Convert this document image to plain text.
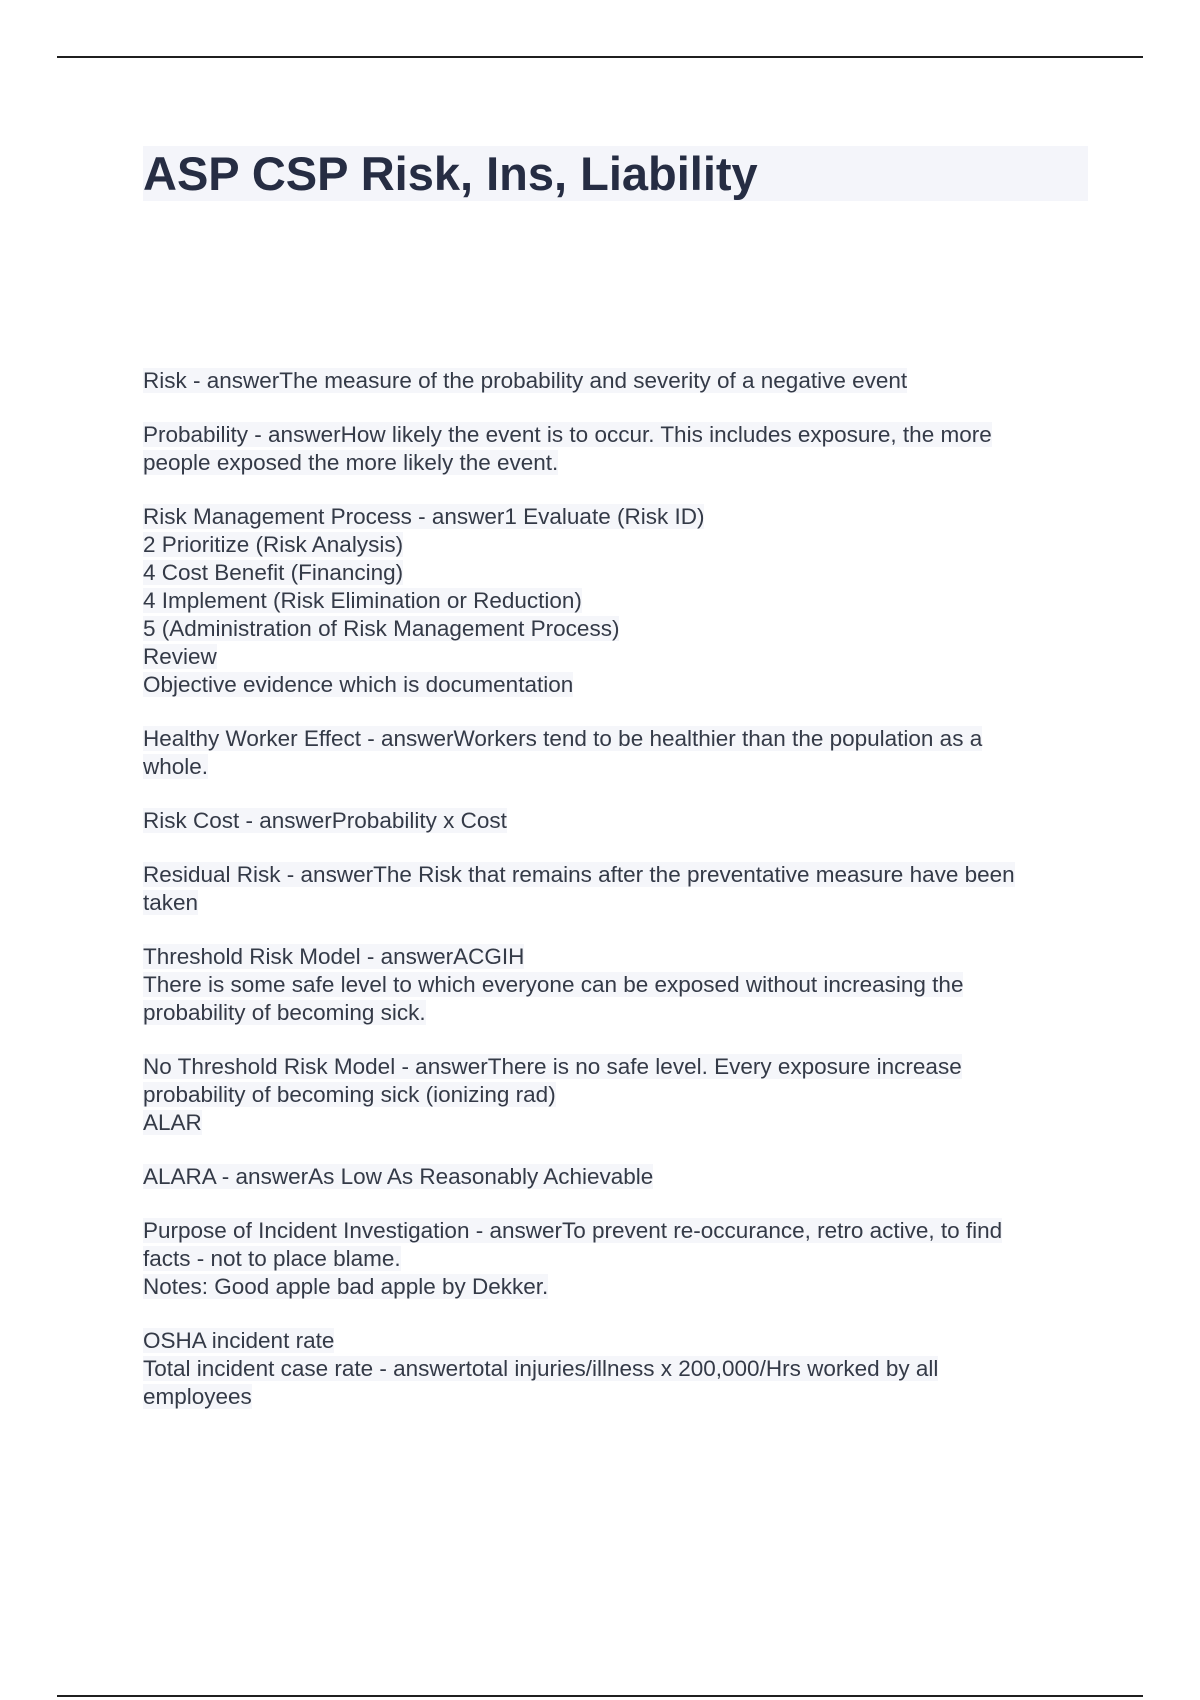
ASP CSP Risk, Ins, Liability
Risk - answerThe measure of the probability and severity of a negative event
Probability - answerHow likely the event is to occur. This includes exposure, the more
people exposed the more likely the event.
Risk Management Process - answer1 Evaluate (Risk ID)
2 Prioritize (Risk Analysis)
4 Cost Benefit (Financing)
4 Implement (Risk Elimination or Reduction)
5 (Administration of Risk Management Process)
Review
Objective evidence which is documentation
Healthy Worker Effect - answerWorkers tend to be healthier than the population as a
whole.
Risk Cost - answerProbability x Cost
Residual Risk - answerThe Risk that remains after the preventative measure have been
taken
Threshold Risk Model - answerACGIH
There is some safe level to which everyone can be exposed without increasing the
probability of becoming sick.
No Threshold Risk Model - answerThere is no safe level. Every exposure increase
probability of becoming sick (ionizing rad)
ALAR
ALARA - answerAs Low As Reasonably Achievable
Purpose of Incident Investigation - answerTo prevent re-occurance, retro active, to find
facts - not to place blame.
Notes: Good apple bad apple by Dekker.
OSHA incident rate
Total incident case rate - answertotal injuries/illness x 200,000/Hrs worked by all
employees
